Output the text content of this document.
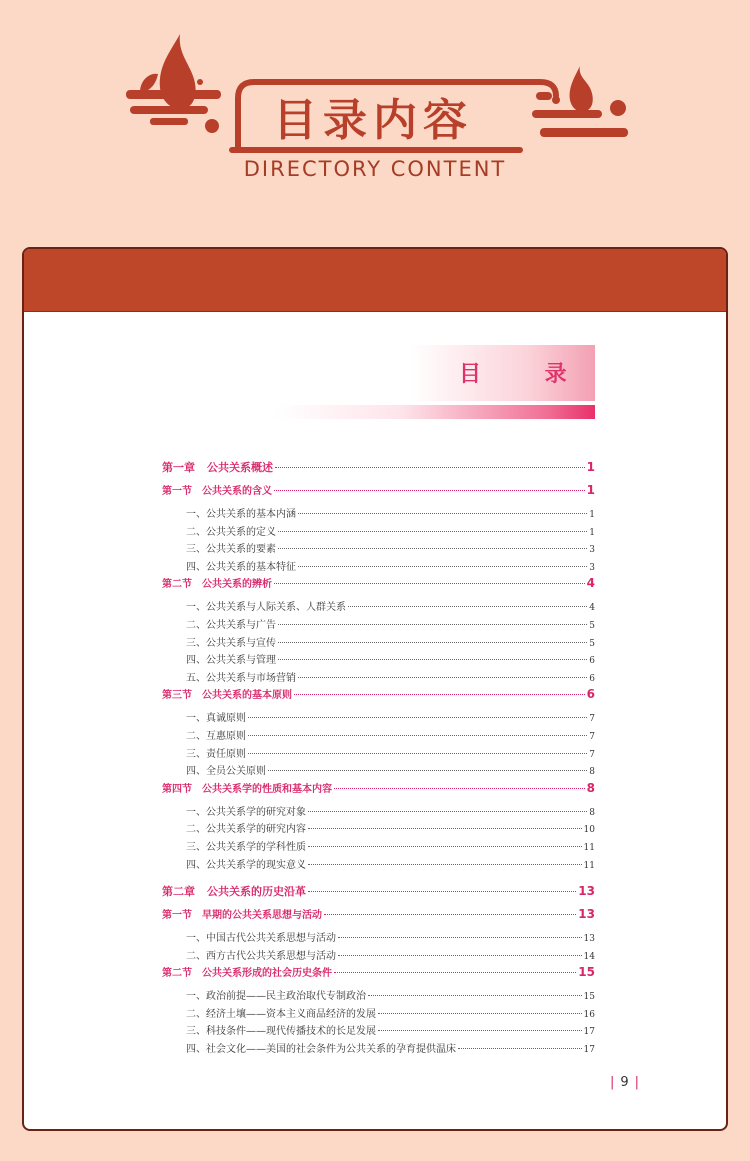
目录内容
DIRECTORY CONTENT
目 录
第一章 公共关系概述	1
第一节 公共关系的含义	1
一、公共关系的基本内涵	1
二、公共关系的定义	1
三、公共关系的要素	3
四、公共关系的基本特征	3
第二节 公共关系的辨析	4
一、公共关系与人际关系、人群关系	4
二、公共关系与广告	5
三、公共关系与宣传	5
四、公共关系与管理	6
五、公共关系与市场营销	6
第三节 公共关系的基本原则	6
一、真诚原则	7
二、互惠原则	7
三、责任原则	7
四、全员公关原则	8
第四节 公共关系学的性质和基本内容	8
一、公共关系学的研究对象	8
二、公共关系学的研究内容	10
三、公共关系学的学科性质	11
四、公共关系学的现实意义	11
第二章 公共关系的历史沿革	13
第一节 早期的公共关系思想与活动	13
一、中国古代公共关系思想与活动	13
二、西方古代公共关系思想与活动	14
第二节 公共关系形成的社会历史条件	15
一、政治前提——民主政治取代专制政治	15
二、经济土壤——资本主义商品经济的发展	16
三、科技条件——现代传播技术的长足发展	17
四、社会文化——美国的社会条件为公共关系的孕育提供温床	17
| 9 |
